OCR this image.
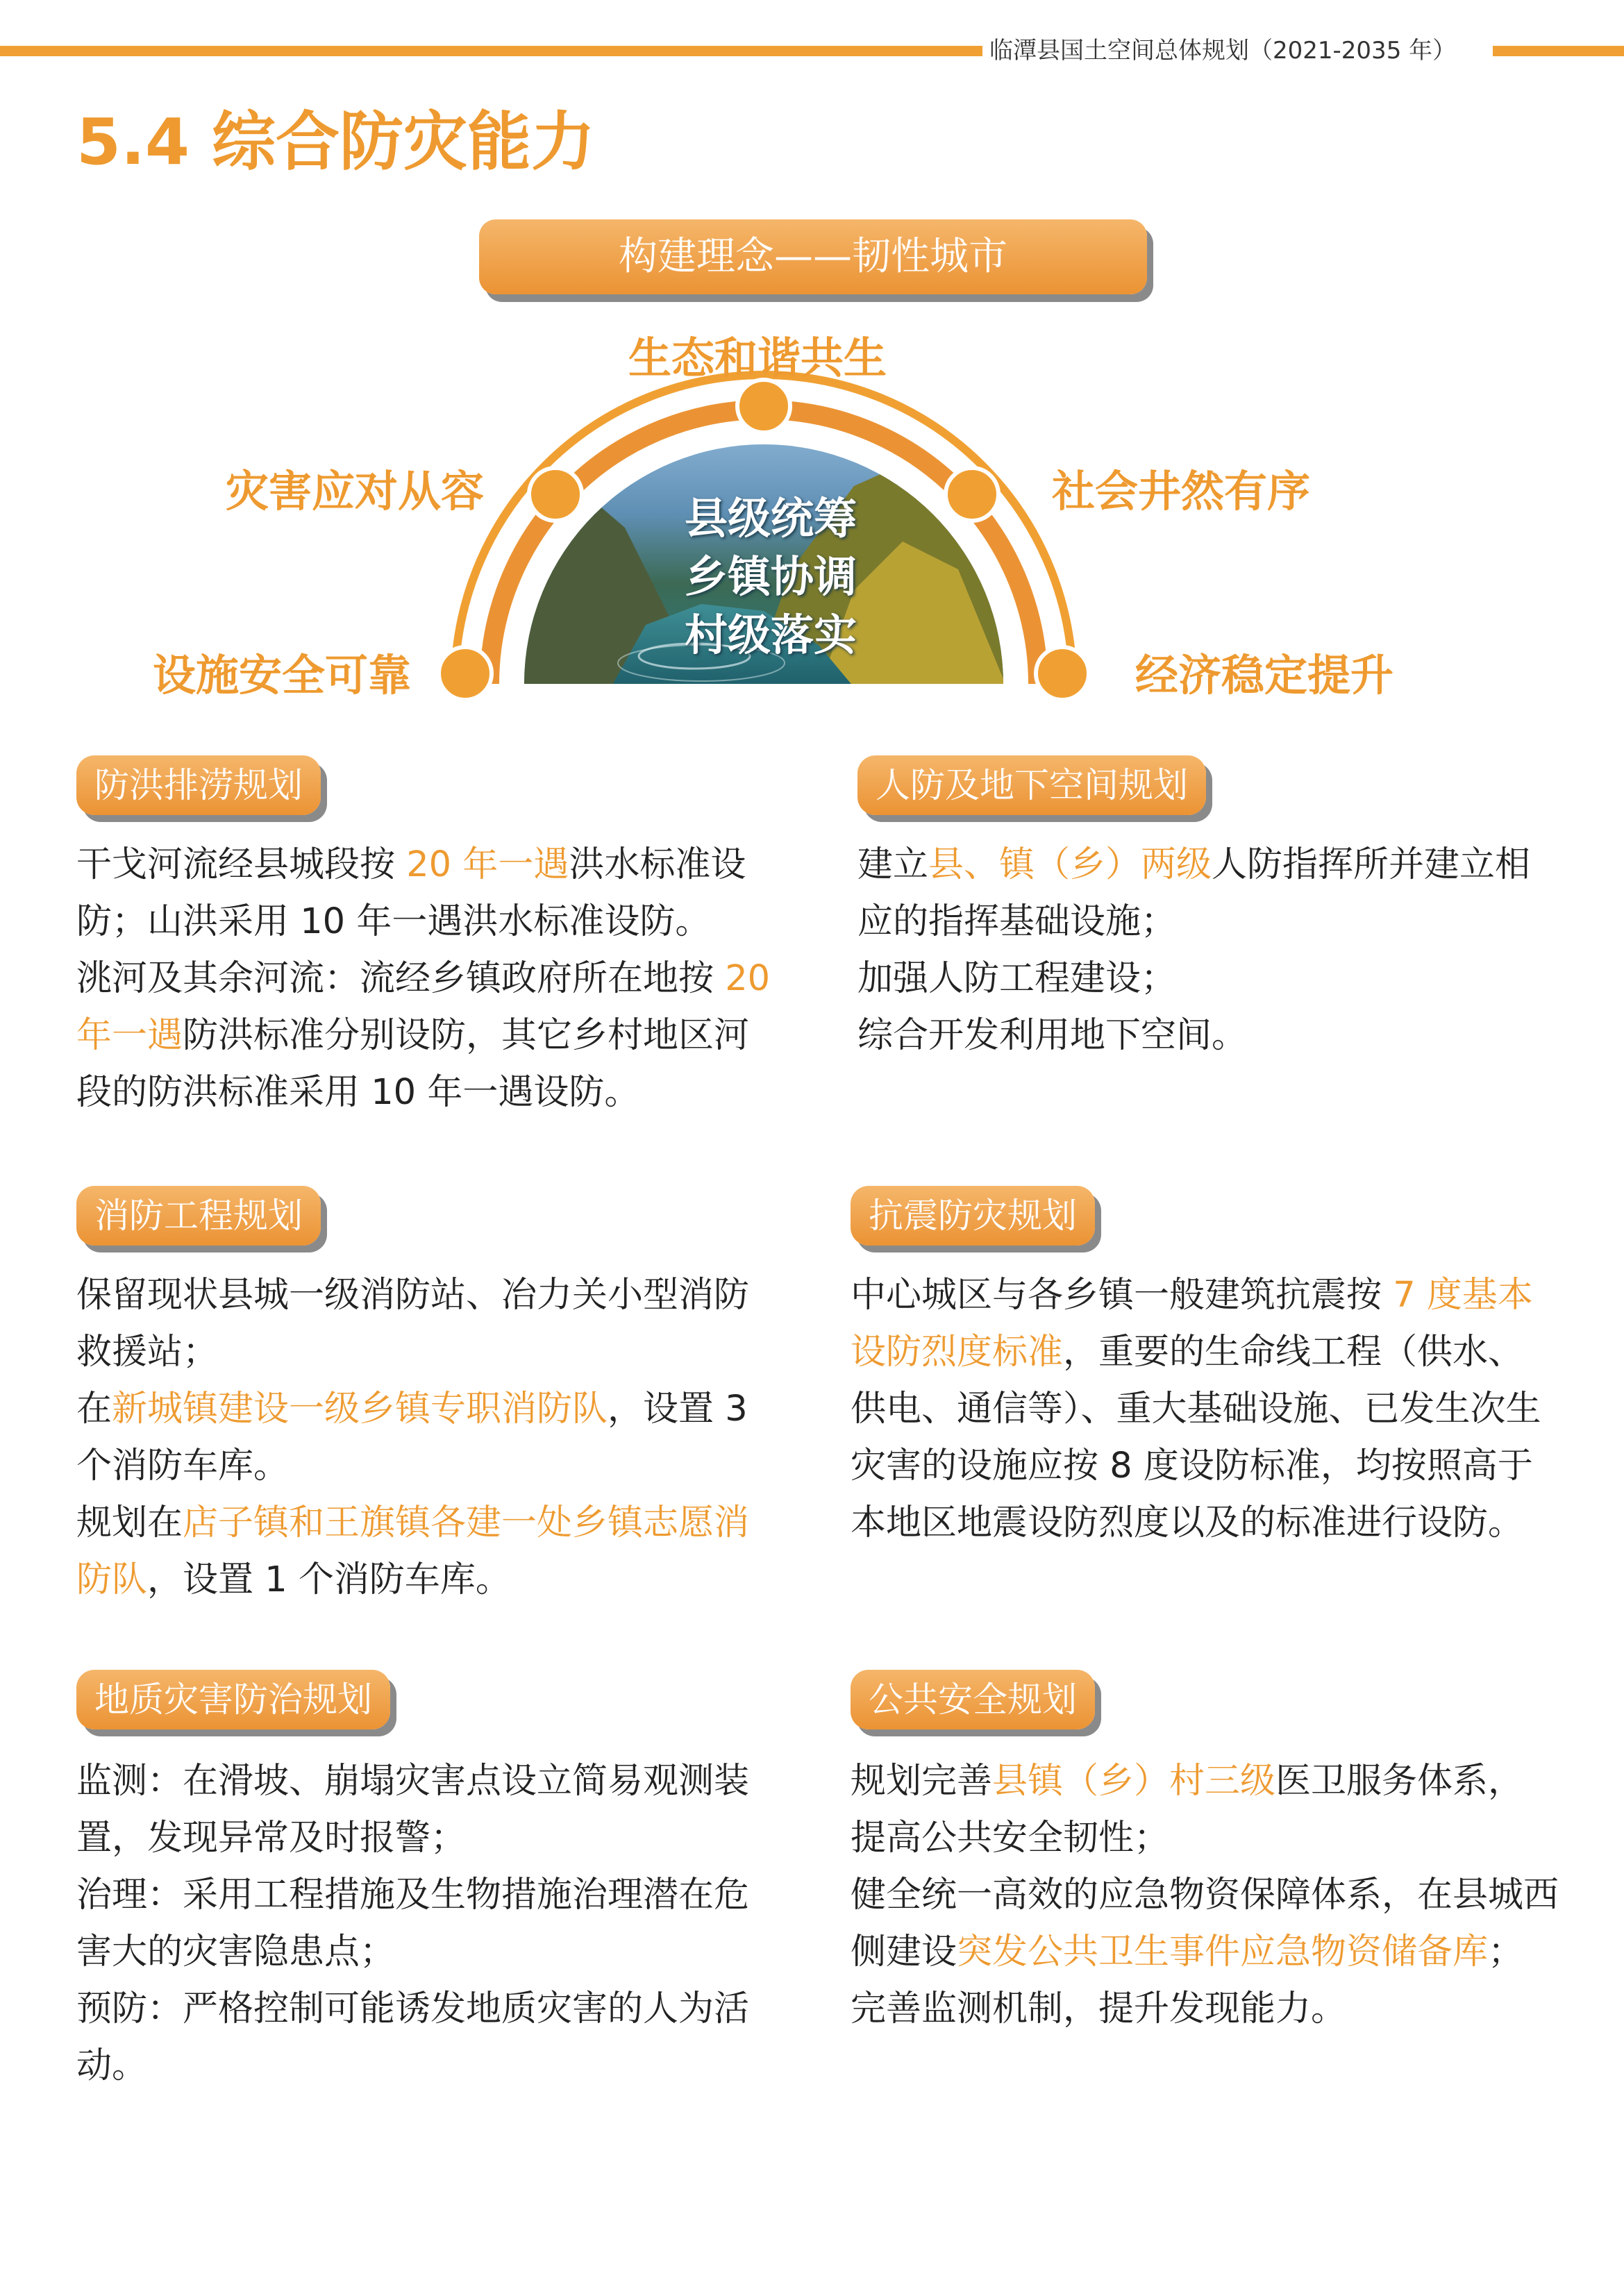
临潭县国土空间总体规划（2021-2035 年）
5.4 综合防灾能力
构建理念——韧性城市
生态和谐共生
灾害应对从容	社会井然有序
设施安全可靠	经济稳定提升
县级统筹
乡镇协调
村级落实
防洪排涝规划

干戈河流经县城段按 20 年一遇洪水标准设防；山洪采用 10 年一遇洪水标准设防。

洮河及其余河流：流经乡镇政府所在地按 20 年一遇防洪标准分别设防，其它乡村地区河段的防洪标准采用 10 年一遇设防。

人防及地下空间规划

建立县、镇（乡）两级人防指挥所并建立相应的指挥基础设施；

加强人防工程建设；

综合开发利用地下空间。

消防工程规划

保留现状县城一级消防站、冶力关小型消防救援站；

在新城镇建设一级乡镇专职消防队，设置 3 个消防车库。

规划在店子镇和王旗镇各建一处乡镇志愿消防队，设置 1 个消防车库。

抗震防灾规划

中心城区与各乡镇一般建筑抗震按 7 度基本设防烈度标准，重要的生命线工程（供水、供电、通信等）、重大基础设施、已发生次生灾害的设施应按 8 度设防标准，均按照高于本地区地震设防烈度以及的标准进行设防。

地质灾害防治规划

监测：在滑坡、崩塌灾害点设立简易观测装置，发现异常及时报警；

治理：采用工程措施及生物措施治理潜在危害大的灾害隐患点；

预防：严格控制可能诱发地质灾害的人为活动。

公共安全规划

规划完善县镇（乡）村三级医卫服务体系，提高公共安全韧性；

健全统一高效的应急物资保障体系，在县城西侧建设突发公共卫生事件应急物资储备库；

完善监测机制，提升发现能力。
